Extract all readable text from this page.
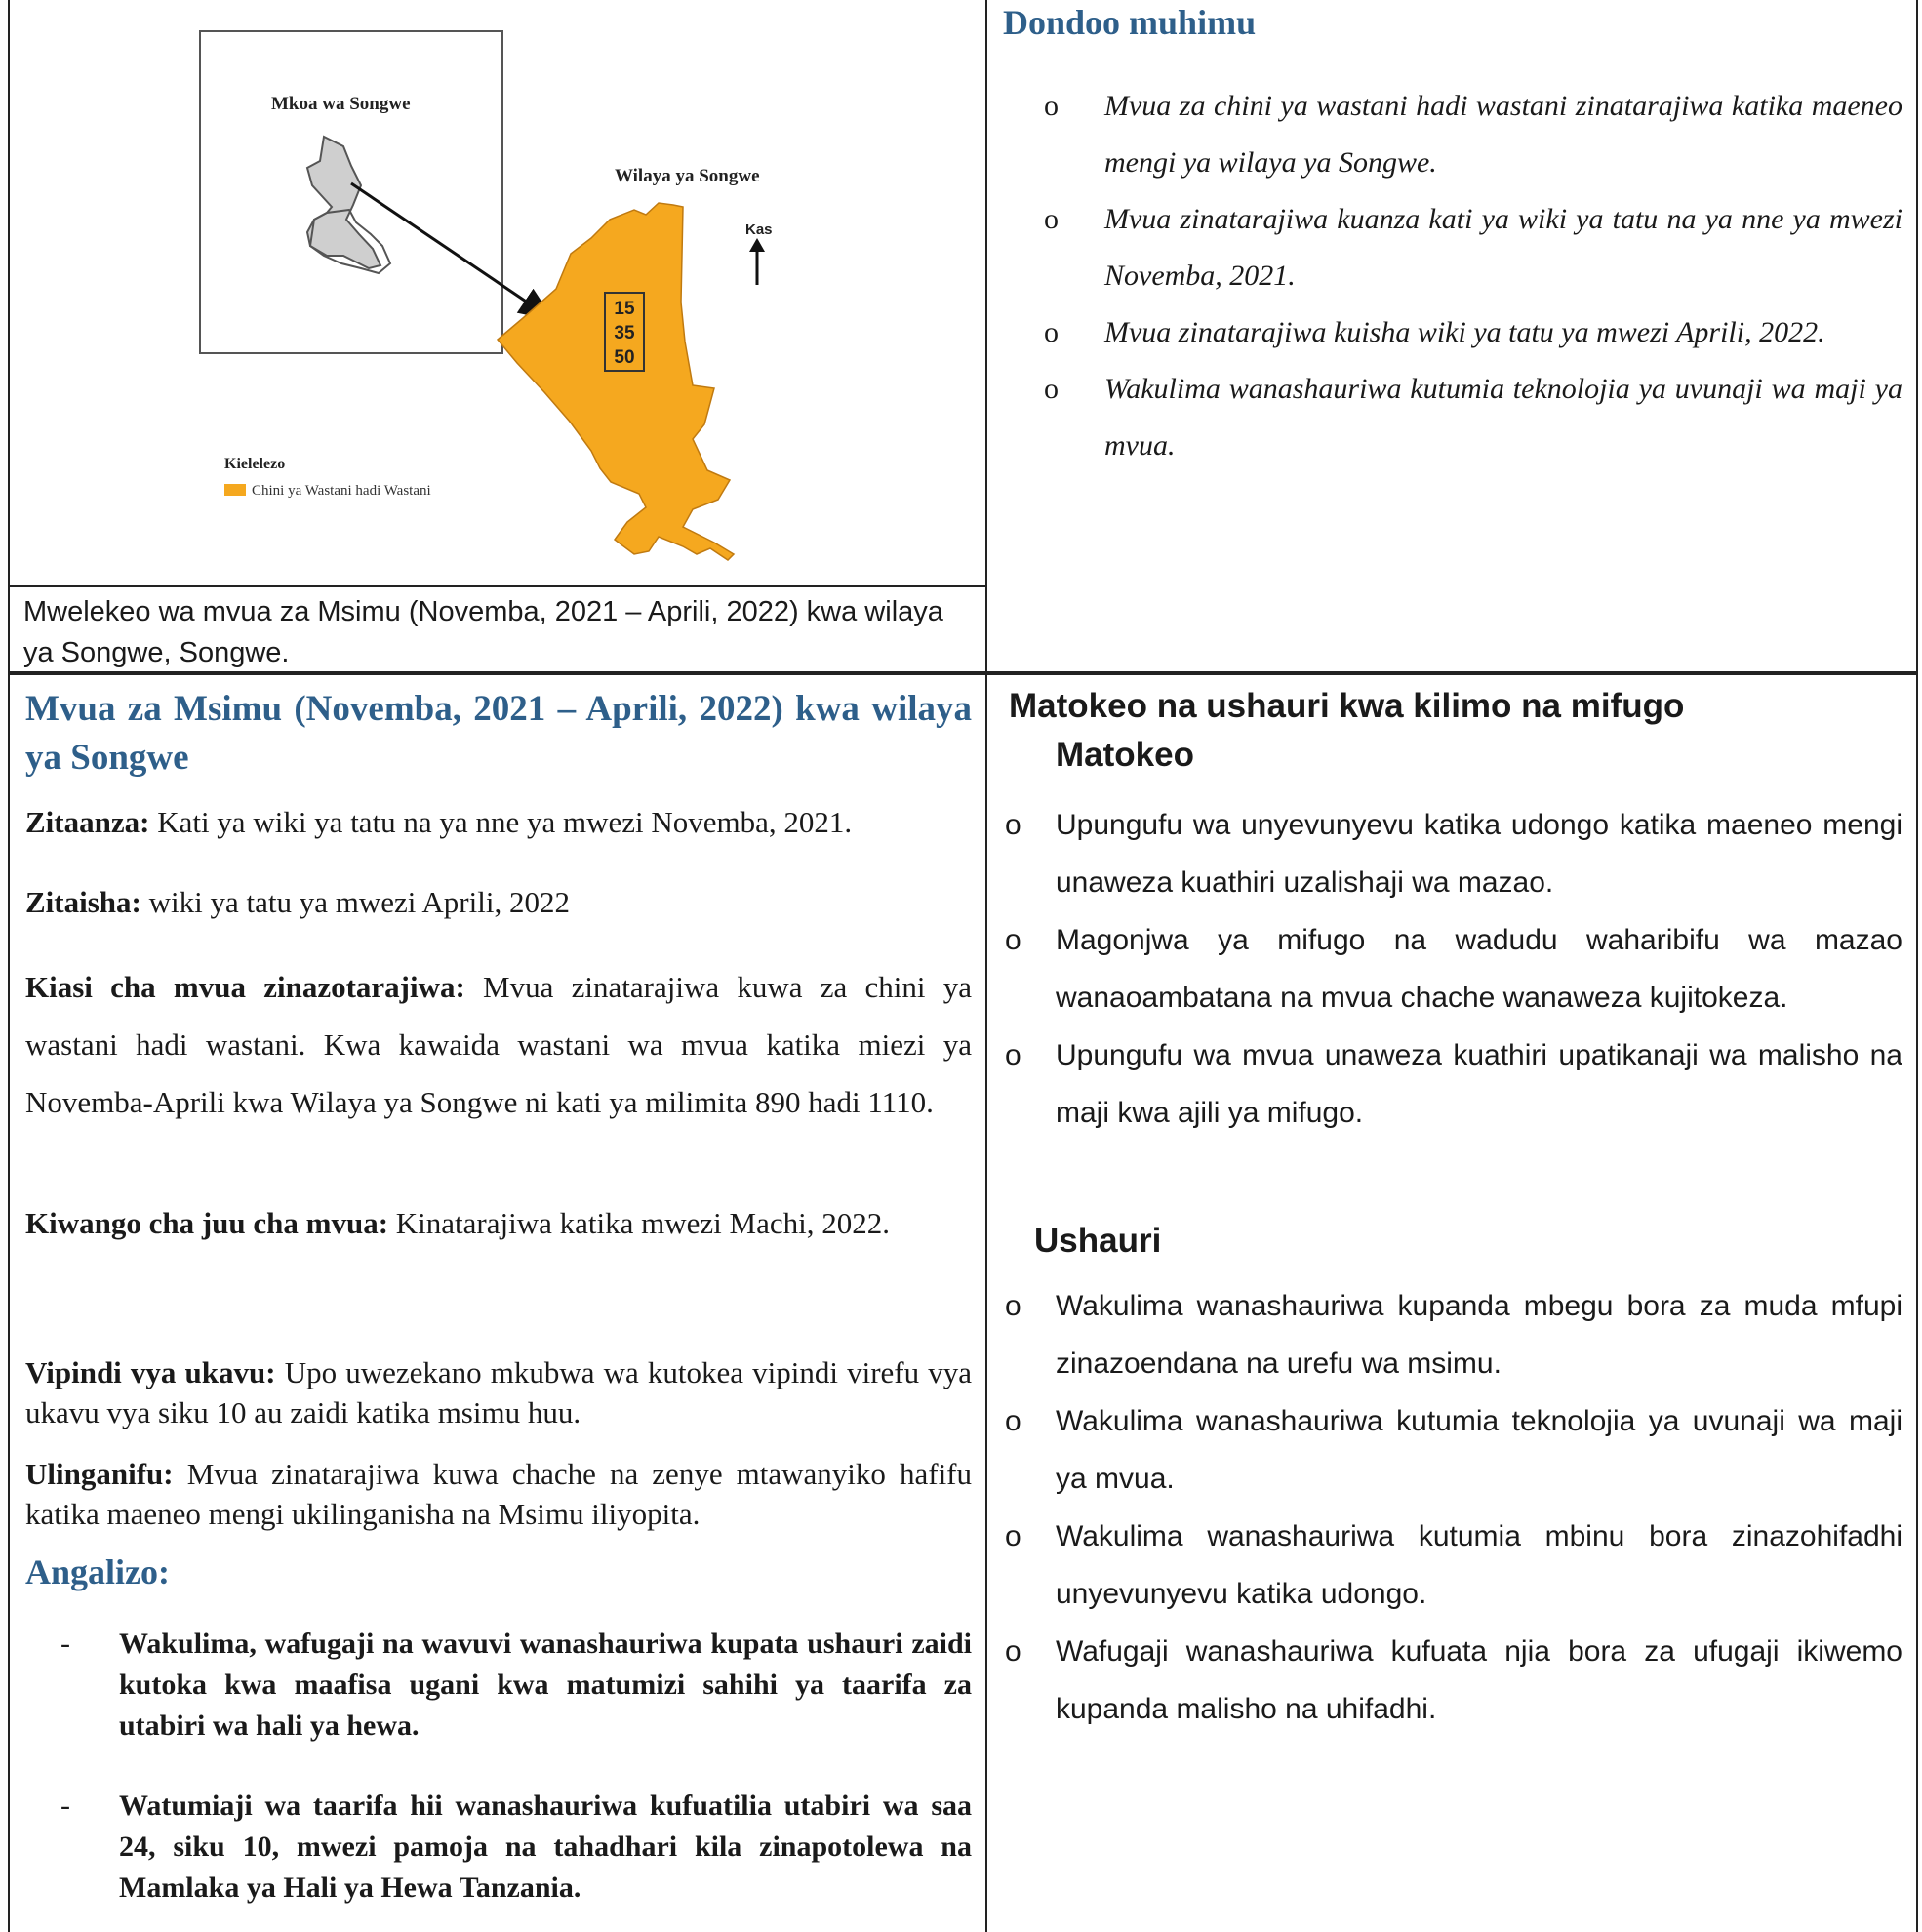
Mkoa wa Songwe
Wilaya ya Songwe
Kas
15
35
50
Kielelezo
Chini ya Wastani hadi Wastani
Mwelekeo wa mvua za Msimu (Novemba, 2021 – Aprili, 2022) kwa wilaya ya Songwe, Songwe.
Dondoo muhimu
o Mvua za chini ya wastani hadi wastani zinatarajiwa katika maeneo mengi ya wilaya ya Songwe.
o Mvua zinatarajiwa kuanza kati ya wiki ya tatu na ya nne ya mwezi Novemba, 2021.
o Mvua zinatarajiwa kuisha wiki ya tatu ya mwezi Aprili, 2022.
o Wakulima wanashauriwa kutumia teknolojia ya uvunaji wa maji ya mvua.
Mvua za Msimu (Novemba, 2021 – Aprili, 2022) kwa wilaya ya Songwe
Zitaanza: Kati ya wiki ya tatu na ya nne ya mwezi Novemba, 2021.
Zitaisha: wiki ya tatu ya mwezi Aprili, 2022
Kiasi cha mvua zinazotarajiwa: Mvua zinatarajiwa kuwa za chini ya wastani hadi wastani. Kwa kawaida wastani wa mvua katika miezi ya Novemba-Aprili kwa Wilaya ya Songwe ni kati ya milimita 890 hadi 1110.
Kiwango cha juu cha mvua: Kinatarajiwa katika mwezi Machi, 2022.
Vipindi vya ukavu: Upo uwezekano mkubwa wa kutokea vipindi virefu vya ukavu vya siku 10 au zaidi katika msimu huu.
Ulinganifu: Mvua zinatarajiwa kuwa chache na zenye mtawanyiko hafifu katika maeneo mengi ukilinganisha na Msimu iliyopita.
Angalizo:
- Wakulima, wafugaji na wavuvi wanashauriwa kupata ushauri zaidi kutoka kwa maafisa ugani kwa matumizi sahihi ya taarifa za utabiri wa hali ya hewa.
- Watumiaji wa taarifa hii wanashauriwa kufuatilia utabiri wa saa 24, siku 10, mwezi pamoja na tahadhari kila zinapotolewa na Mamlaka ya Hali ya Hewa Tanzania.
Matokeo na ushauri kwa kilimo na mifugo
Matokeo
o Upungufu wa unyevunyevu katika udongo katika maeneo mengi unaweza kuathiri uzalishaji wa mazao.
o Magonjwa ya mifugo na wadudu waharibifu wa mazao wanaoambatana na mvua chache wanaweza kujitokeza.
o Upungufu wa mvua unaweza kuathiri upatikanaji wa malisho na maji kwa ajili ya mifugo.
Ushauri
o Wakulima wanashauriwa kupanda mbegu bora za muda mfupi zinazoendana na urefu wa msimu.
o Wakulima wanashauriwa kutumia teknolojia ya uvunaji wa maji ya mvua.
o Wakulima wanashauriwa kutumia mbinu bora zinazohifadhi unyevunyevu katika udongo.
o Wafugaji wanashauriwa kufuata njia bora za ufugaji ikiwemo kupanda malisho na uhifadhi.
